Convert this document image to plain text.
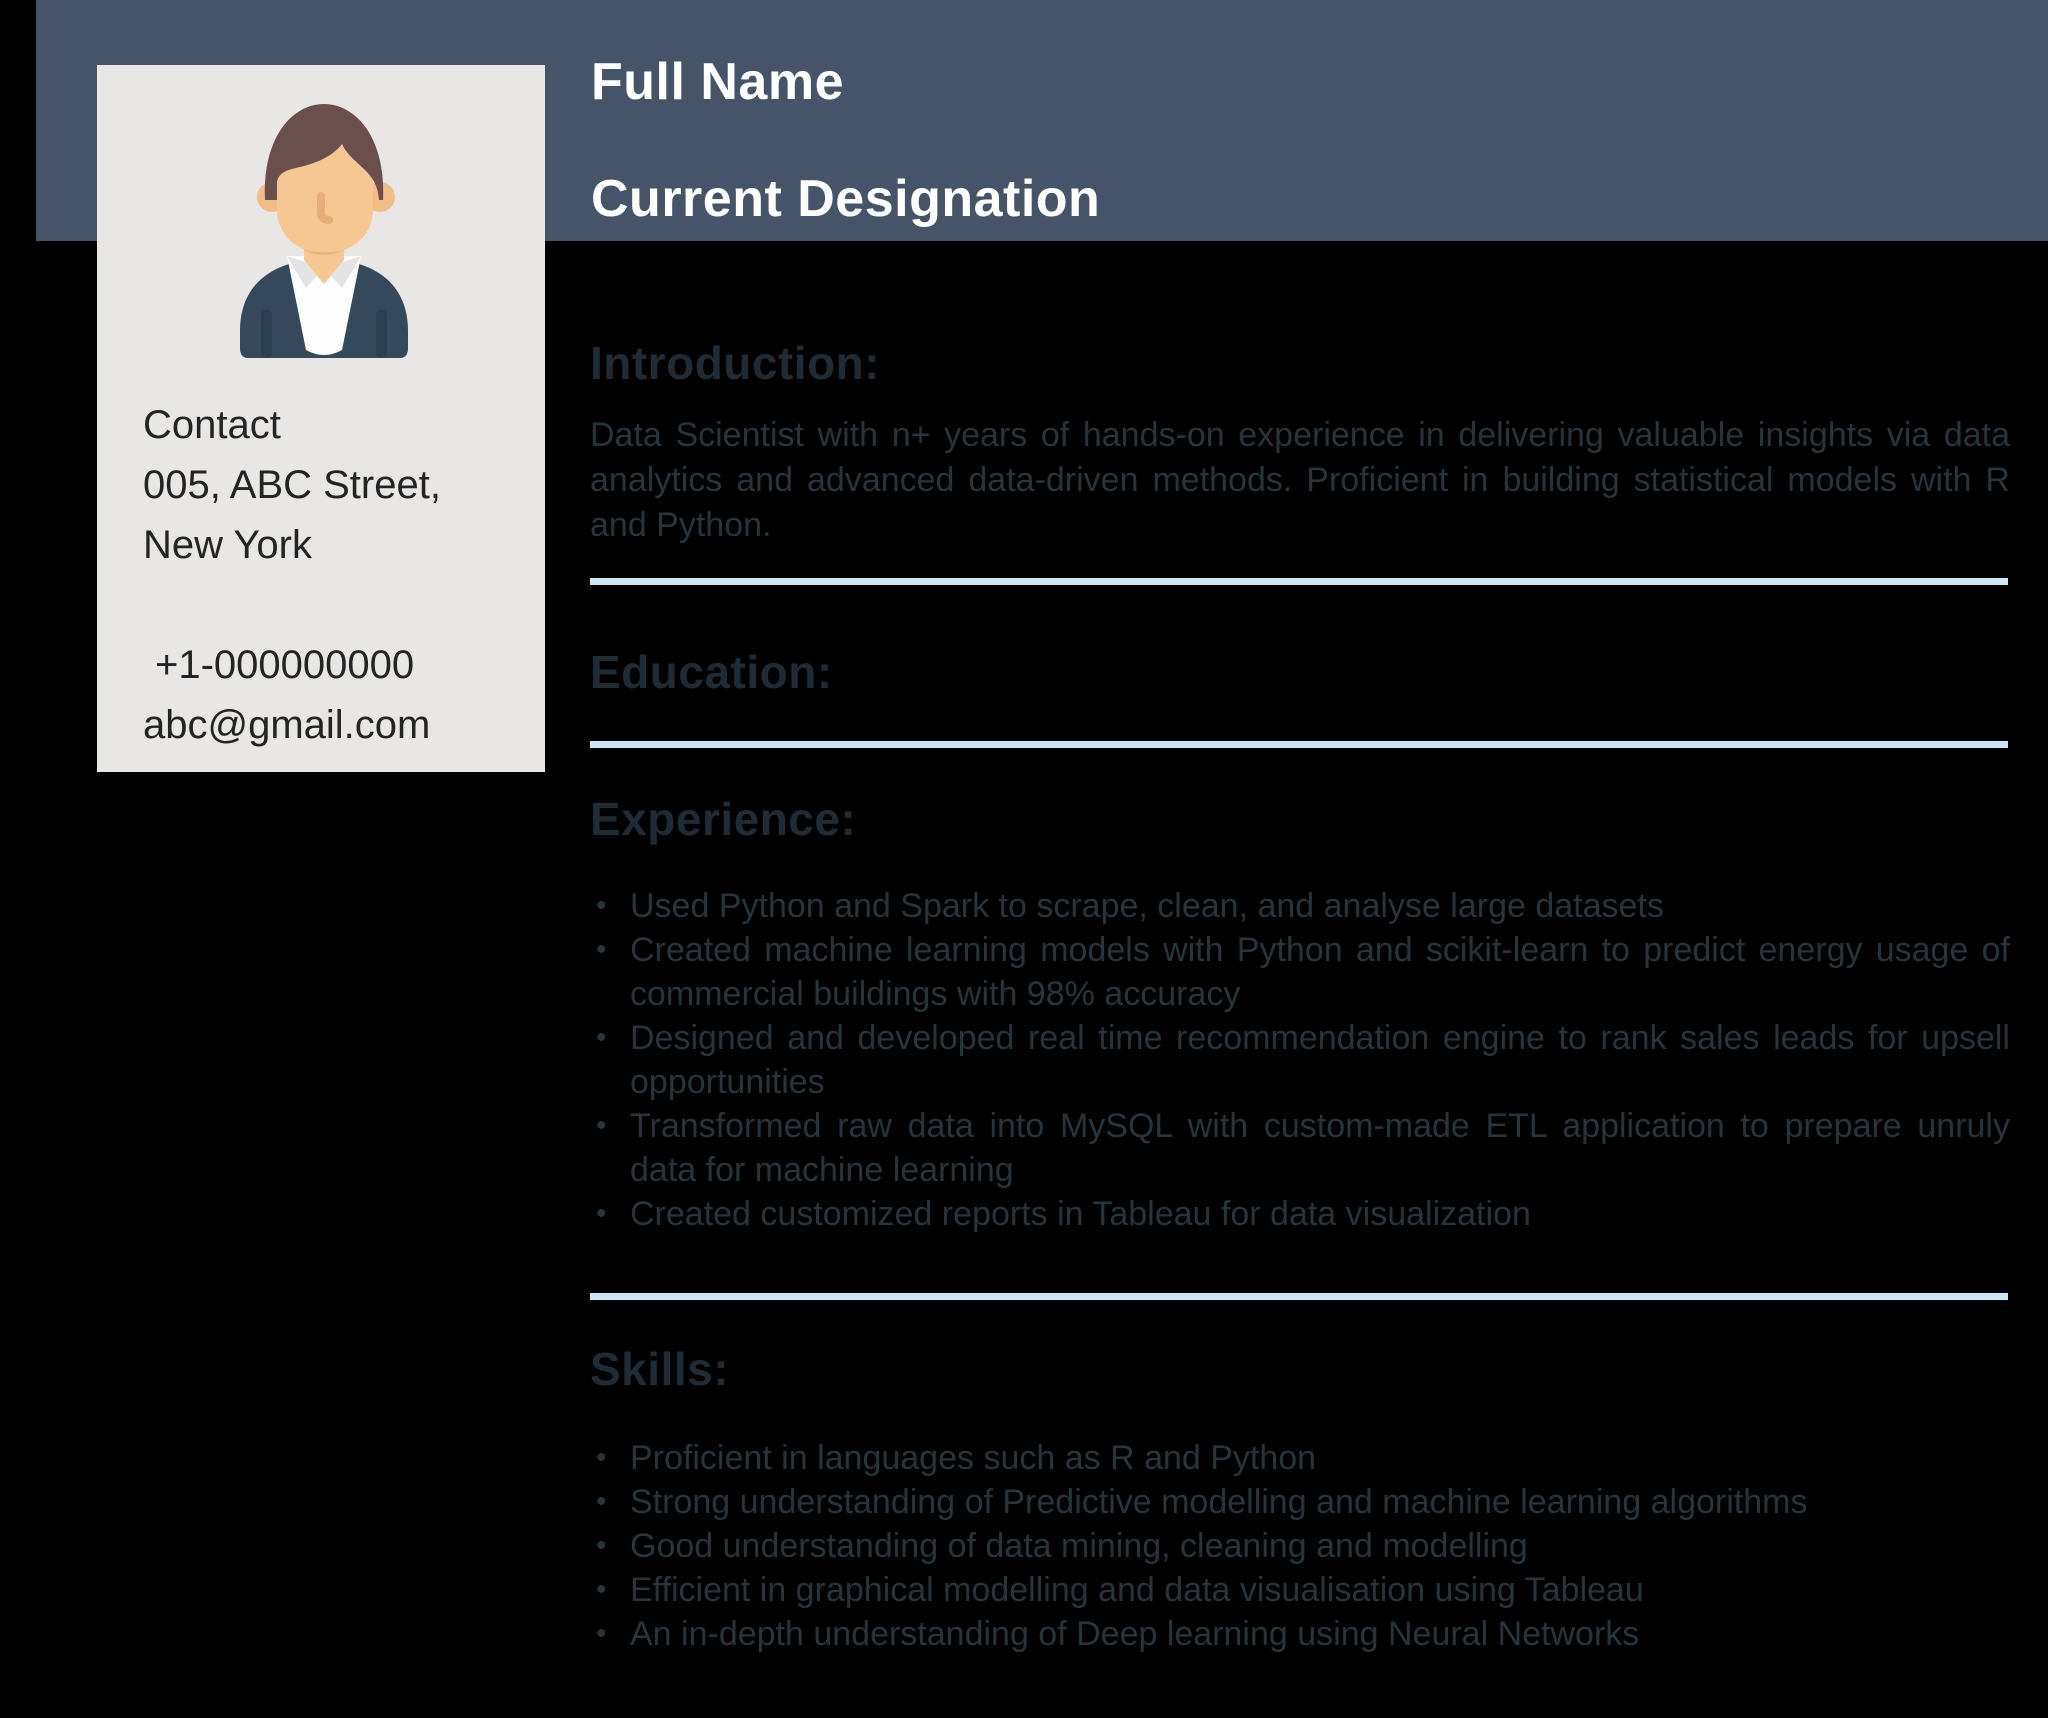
Full Name
Current Designation
Contact
005, ABC Street,
New York
+1-000000000
abc@gmail.com
Introduction:
Data Scientist with n+ years of hands-on experience in delivering valuable insights via data analytics and advanced data-driven methods. Proficient in building statistical models with R and Python.
Education:
Experience:
• Used Python and Spark to scrape, clean, and analyse large datasets
• Created machine learning models with Python and scikit-learn to predict energy usage of commercial buildings with 98% accuracy
• Designed and developed real time recommendation engine to rank sales leads for upsell opportunities
• Transformed raw data into MySQL with custom-made ETL application to prepare unruly data for machine learning
• Created customized reports in Tableau for data visualization
Skills:
• Proficient in languages such as R and Python
• Strong understanding of Predictive modelling and machine learning algorithms
• Good understanding of data mining, cleaning and modelling
• Efficient in graphical modelling and data visualisation using Tableau
• An in-depth understanding of Deep learning using Neural Networks
